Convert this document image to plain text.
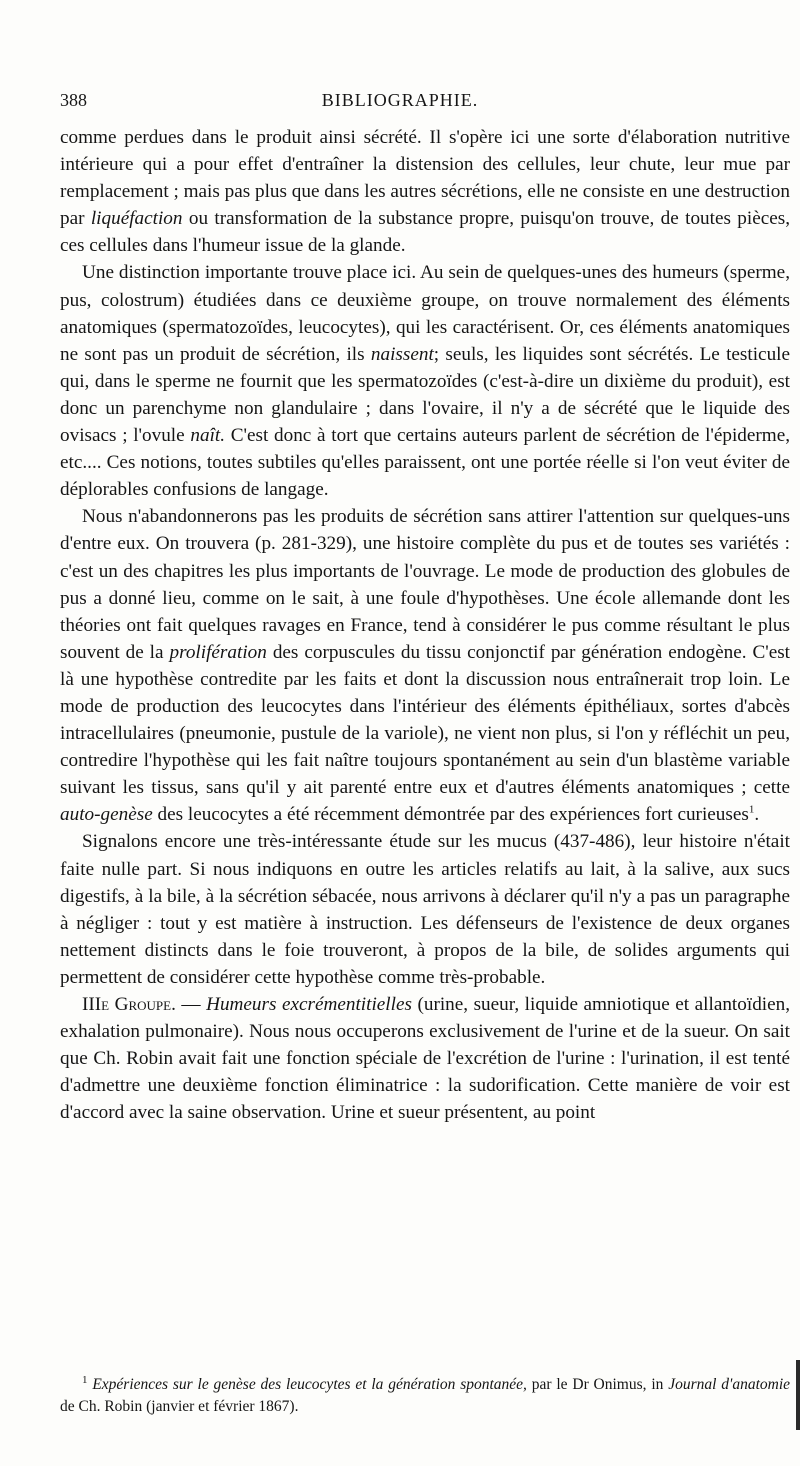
388	BIBLIOGRAPHIE.

comme perdues dans le produit ainsi sécrété. Il s'opère ici une sorte d'élaboration nutritive intérieure qui a pour effet d'entraîner la distension des cellules, leur chute, leur mue par remplacement ; mais pas plus que dans les autres sécrétions, elle ne consiste en une destruction par liquéfaction ou transformation de la substance propre, puisqu'on trouve, de toutes pièces, ces cellules dans l'humeur issue de la glande.

Une distinction importante trouve place ici. Au sein de quelques-unes des humeurs (sperme, pus, colostrum) étudiées dans ce deuxième groupe, on trouve normalement des éléments anatomiques (spermatozoïdes, leucocytes), qui les caractérisent. Or, ces éléments anatomiques ne sont pas un produit de sécrétion, ils naissent; seuls, les liquides sont sécrétés. Le testicule qui, dans le sperme ne fournit que les spermatozoïdes (c'est-à-dire un dixième du produit), est donc un parenchyme non glandulaire ; dans l'ovaire, il n'y a de sécrété que le liquide des ovisacs ; l'ovule naît. C'est donc à tort que certains auteurs parlent de sécrétion de l'épiderme, etc.... Ces notions, toutes subtiles qu'elles paraissent, ont une portée réelle si l'on veut éviter de déplorables confusions de langage.

Nous n'abandonnerons pas les produits de sécrétion sans attirer l'attention sur quelques-uns d'entre eux. On trouvera (p. 281-329), une histoire complète du pus et de toutes ses variétés : c'est un des chapitres les plus importants de l'ouvrage. Le mode de production des globules de pus a donné lieu, comme on le sait, à une foule d'hypothèses. Une école allemande dont les théories ont fait quelques ravages en France, tend à considérer le pus comme résultant le plus souvent de la prolifération des corpuscules du tissu conjonctif par génération endogène. C'est là une hypothèse contredite par les faits et dont la discussion nous entraînerait trop loin. Le mode de production des leucocytes dans l'intérieur des éléments épithéliaux, sortes d'abcès intracellulaires (pneumonie, pustule de la variole), ne vient non plus, si l'on y réfléchit un peu, contredire l'hypothèse qui les fait naître toujours spontanément au sein d'un blastème variable suivant les tissus, sans qu'il y ait parenté entre eux et d'autres éléments anatomiques ; cette auto-genèse des leucocytes a été récemment démontrée par des expériences fort curieuses$^1$.

Signalons encore une très-intéressante étude sur les mucus (437-486), leur histoire n'était faite nulle part. Si nous indiquons en outre les articles relatifs au lait, à la salive, aux sucs digestifs, à la bile, à la sécrétion sébacée, nous arrivons à déclarer qu'il n'y a pas un paragraphe à négliger : tout y est matière à instruction. Les défenseurs de l'existence de deux organes nettement distincts dans le foie trouveront, à propos de la bile, de solides arguments qui permettent de considérer cette hypothèse comme très-probable.

IIIe Groupe. — Humeurs excrémentitielles (urine, sueur, liquide amniotique et allantoïdien, exhalation pulmonaire). Nous nous occuperons exclusivement de l'urine et de la sueur. On sait que Ch. Robin avait fait une fonction spéciale de l'excrétion de l'urine : l'urination, il est tenté d'admettre une deuxième fonction éliminatrice : la sudorification. Cette manière de voir est d'accord avec la saine observation. Urine et sueur présentent, au point

$^1$ Expériences sur le genèse des leucocytes et la génération spontanée, par le Dr Onimus, in Journal d'anatomie de Ch. Robin (janvier et février 1867).
